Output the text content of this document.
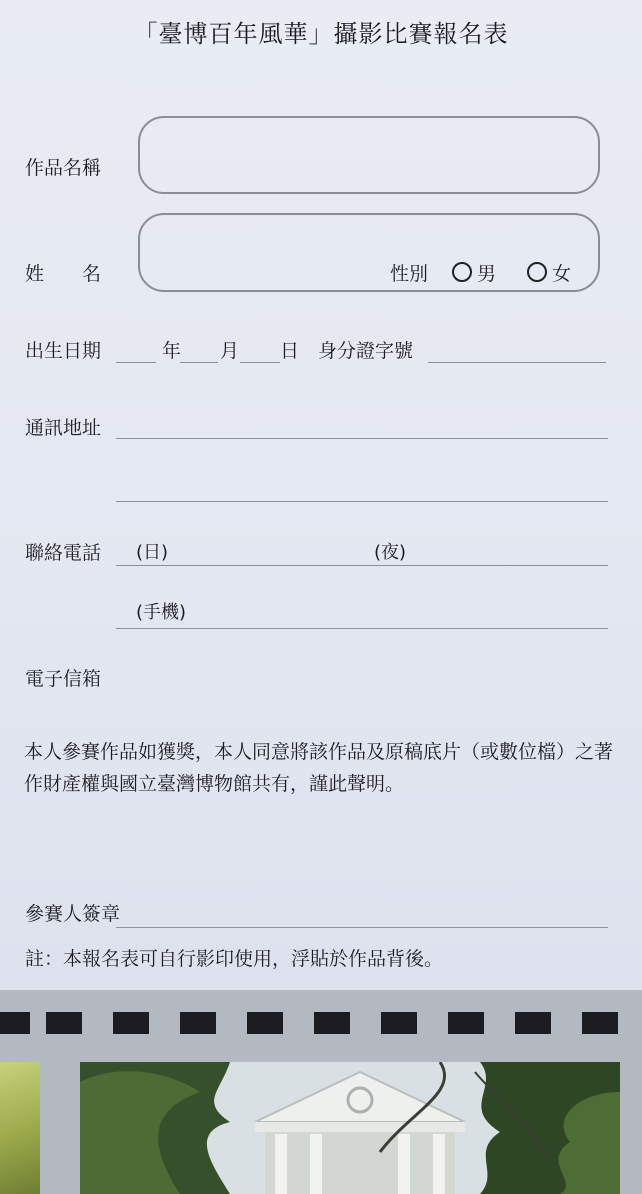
「臺博百年風華」攝影比賽報名表
作品名稱
姓　　名	性別	男	女
出生日期	年 月 日 身分證字號
通訊地址
聯絡電話 (日)	(夜)
(手機)
電子信箱
本人參賽作品如獲獎，本人同意將該作品及原稿底片（或數位檔）之著作財產權與國立臺灣博物館共有，謹此聲明。
參賽人簽章
註：本報名表可自行影印使用，浮貼於作品背後。
